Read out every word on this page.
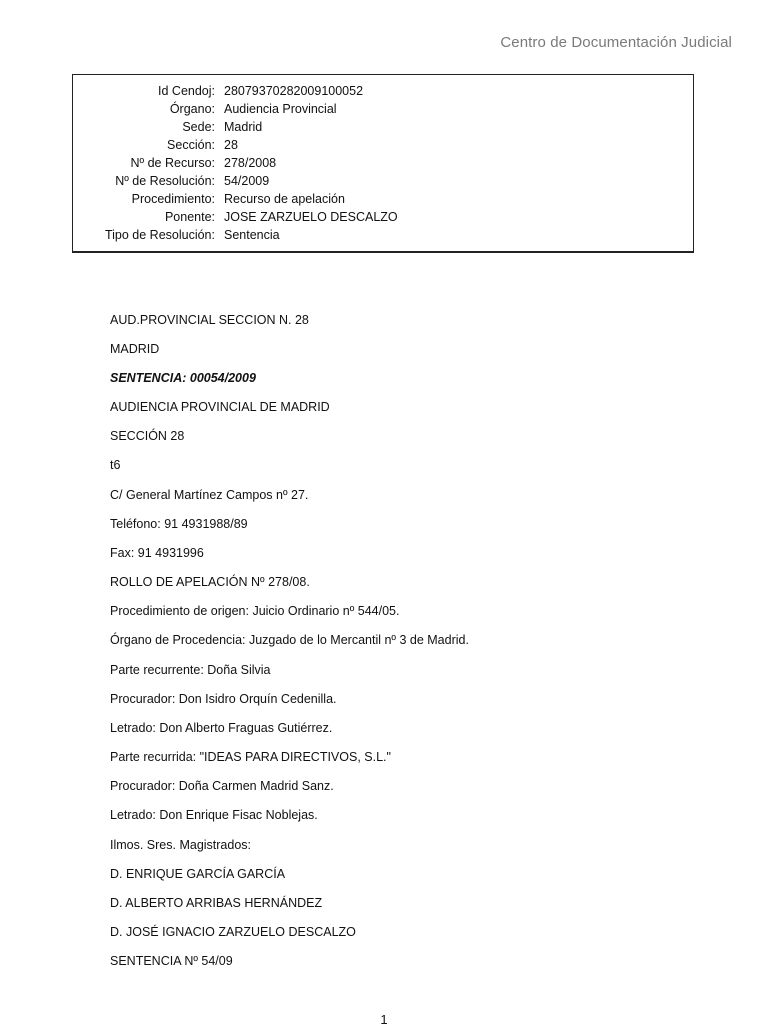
Centro de Documentación Judicial
Id Cendoj: 28079370282009100052
Órgano: Audiencia Provincial
Sede: Madrid
Sección: 28
Nº de Recurso: 278/2008
Nº de Resolución: 54/2009
Procedimiento: Recurso de apelación
Ponente: JOSE ZARZUELO DESCALZO
Tipo de Resolución: Sentencia
AUD.PROVINCIAL SECCION N. 28
MADRID
SENTENCIA: 00054/2009
AUDIENCIA PROVINCIAL DE MADRID
SECCIÓN 28
t6
C/ General Martínez Campos nº 27.
Teléfono: 91 4931988/89
Fax: 91 4931996
ROLLO DE APELACIÓN Nº 278/08.
Procedimiento de origen: Juicio Ordinario nº 544/05.
Órgano de Procedencia: Juzgado de lo Mercantil nº 3 de Madrid.
Parte recurrente: Doña Silvia
Procurador: Don Isidro Orquín Cedenilla.
Letrado: Don Alberto Fraguas Gutiérrez.
Parte recurrida: "IDEAS PARA DIRECTIVOS, S.L."
Procurador: Doña Carmen Madrid Sanz.
Letrado: Don Enrique Fisac Noblejas.
Ilmos. Sres. Magistrados:
D. ENRIQUE GARCÍA GARCÍA
D. ALBERTO ARRIBAS HERNÁNDEZ
D. JOSÉ IGNACIO ZARZUELO DESCALZO
SENTENCIA Nº 54/09
1
